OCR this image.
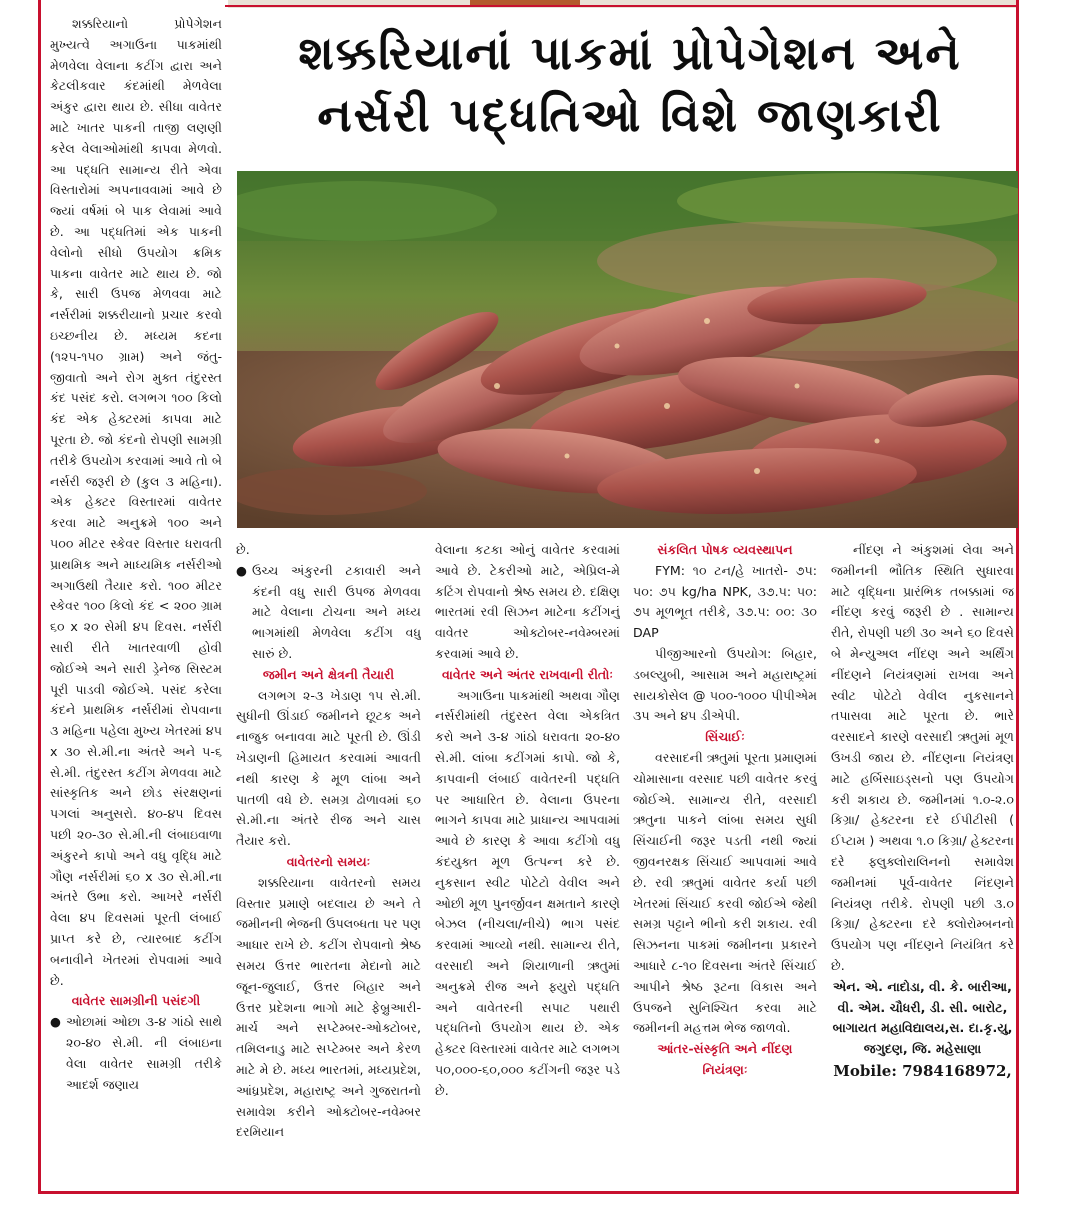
શક્કરિયાનાં પાકમાં પ્રોપેગેશન અને
નર્સરી પદ્ધતિઓ વિશે જાણકારી

શક્કરિયાનો પ્રોપેગેશન મુખ્યત્વે અગાઉના પાકમાંથી મેળવેલા વેલાના કટીંગ દ્વારા અને કેટલીકવાર કંદમાંથી મેળવેલા અંકુર દ્વારા થાય છે. સીધા વાવેતર માટે ખાતર પાકની તાજી લણણી કરેલ વેલાઓમાંથી કાપવા મેળવો. આ પદ્ધતિ સામાન્ય રીતે એવા વિસ્તારોમાં અપનાવવામાં આવે છે જ્યાં વર્ષમાં બે પાક લેવામાં આવે છે. આ પદ્ધતિમાં એક પાકની વેલોનો સીધો ઉપયોગ ક્રમિક પાકના વાવેતર માટે થાય છે. જો કે, સારી ઉપજ મેળવવા માટે નર્સરીમાં શક્કરીયાનો પ્રચાર કરવો ઇચ્છનીય છે. મધ્યમ કદના (૧૨૫-૧૫૦ ગ્રામ) અને જંતુ-જીવાતો અને રોગ મુક્ત તંદુરસ્ત કંદ પસંદ કરો. લગભગ ૧૦૦ કિલો કંદ એક હેક્ટરમાં કાપવા માટે પૂરતા છે. જો કંદનો રોપણી સામગ્રી તરીકે ઉપયોગ કરવામાં આવે તો બે નર્સરી જરૂરી છે (કુલ ૩ મહિના). એક હેક્ટર વિસ્તારમાં વાવેતર કરવા માટે અનુક્રમે ૧૦૦ અને ૫૦૦ મીટર સ્કેવર વિસ્તાર ધરાવતી પ્રાથમિક અને માધ્યમિક નર્સરીઓ અગાઉથી તૈયાર કરો. ૧૦૦ મીટર સ્કેવર ૧૦૦ કિલો કંદ < ૨૦૦ ગ્રામ ૬૦ x ૨૦ સેમી ૪૫ દિવસ. નર્સરી સારી રીતે ખાતરવાળી હોવી જોઈએ અને સારી ડ્રેનેજ સિસ્ટમ પૂરી પાડવી જોઈએ. પસંદ કરેલા કંદને પ્રાથમિક નર્સરીમાં રોપવાના ૩ મહિના પહેલા મુખ્ય ખેતરમાં ૪૫ x ૩૦ સે.મી.ના અંતરે અને ૫-૬ સે.મી. તંદુરસ્ત કટીંગ મેળવવા માટે સાંસ્કૃતિક અને છોડ સંરક્ષણનાં પગલાં અનુસરો. ૪૦-૪૫ દિવસ પછી ૨૦-૩૦ સે.મી.ની લંબાઇવાળા અંકુરને કાપો અને વધુ વૃદ્ધિ માટે ગૌણ નર્સરીમાં ૬૦ x ૩૦ સે.મી.ના અંતરે ઉભા કરો. આખરે નર્સરી વેલા ૪૫ દિવસમાં પૂરતી લંબાઈ પ્રાપ્ત કરે છે, ત્યારબાદ કટીંગ બનાવીને ખેતરમાં રોપવામાં આવે છે.

વાવેતર સામગ્રીની પસંદગી
● ઓછામાં ઓછા ૩-૪ ગાંઠો સાથે ૨૦-૪૦ સે.મી. ની લંબાઇના વેલા વાવેતર સામગ્રી તરીકે આદર્શ જણાય

છે.

● ઉચ્ચ અંકુરની ટકાવારી અને કંદની વધુ સારી ઉપજ મેળવવા માટે વેલાના ટોચના અને મધ્ય ભાગમાંથી મેળવેલા કટીંગ વધુ સારું છે.
જમીન અને ક્ષેત્રની તૈયારી

લગભગ ૨-૩ ખેડાણ ૧૫ સે.મી. સુધીની ઊંડાઈ જમીનને છૂટક અને નાજુક બનાવવા માટે પૂરતી છે. ઊંડી ખેડાણની હિમાયત કરવામાં આવતી નથી કારણ કે મૂળ લાંબા અને પાતળી વધે છે. સમગ્ર ઢોળાવમાં ૬૦ સે.મી.ના અંતરે રીજ અને ચાસ તૈયાર કરો.

વાવેતરનો સમયઃ

શક્કરિયાના વાવેતરનો સમય વિસ્તાર પ્રમાણે બદલાય છે અને તે જમીનની ભેજની ઉપલબ્ધતા પર પણ આધાર રાખે છે. કટીંગ રોપવાનો શ્રેષ્ઠ સમય ઉત્તર ભારતના મેદાનો માટે જૂન-જુલાઈ, ઉત્તર બિહાર અને ઉત્તર પ્રદેશના ભાગો માટે ફેબ્રુઆરી-માર્ચ અને સપ્ટેમ્બર-ઓક્ટોબર, તમિલનાડુ માટે સપ્ટેમ્બર અને કેરળ માટે મે છે. મધ્ય ભારતમાં, મધ્યપ્રદેશ, આંધ્રપ્રદેશ, મહારાષ્ટ્ર અને ગુજરાતનો સમાવેશ કરીને ઓક્ટોબર-નવેમ્બર દરમિયાન

વેલાના કટકા ઓનું વાવેતર કરવામાં આવે છે. ટેકરીઓ માટે, એપ્રિલ-મે કટિંગ રોપવાનો શ્રેષ્ઠ સમય છે. દક્ષિણ ભારતમાં રવી સિઝન માટેના કટીંગનું વાવેતર ઓક્ટોબર-નવેમ્બરમાં કરવામાં આવે છે.

વાવેતર અને અંતર રાખવાની રીતોઃ

અગાઉના પાકમાંથી અથવા ગૌણ નર્સરીમાંથી તંદુરસ્ત વેલા એકત્રિત કરો અને ૩-૪ ગાંઠો ધરાવતા ૨૦-૪૦ સે.મી. લાંબા કટીંગમાં કાપો. જો કે, કાપવાની લંબાઈ વાવેતરની પદ્ધતિ પર આધારિત છે. વેલાના ઉપરના ભાગને કાપવા માટે પ્રાધાન્ય આપવામાં આવે છે કારણ કે આવા કટીંગો વધુ કંદયુક્ત મૂળ ઉત્પન્ન કરે છે. નુકસાન સ્વીટ પોટેટો વેવીલ અને ઓછી મૂળ પુનર્જીવન ક્ષમતાને કારણે બેઝલ (નીચલા/નીચે) ભાગ પસંદ કરવામાં આવ્યો નથી. સામાન્ય રીતે, વરસાદી અને શિયાળાની ઋતુમાં અનુક્રમે રીજ અને ફ્યુરો પદ્ધતિ અને વાવેતરની સપાટ પથારી પદ્ધતિનો ઉપયોગ થાય છે. એક હેક્ટર વિસ્તારમાં વાવેતર માટે લગભગ ૫૦,૦૦૦-૬૦,૦૦૦ કટીંગની જરૂર પડે છે.

સંકલિત પોષક વ્યવસ્થાપન

FYM: ૧૦ ટન/હે ખાતરો- ૭૫: ૫૦: ૭૫ kg/ha NPK, ૩૭.૫: ૫૦: ૭૫ મૂળભૂત તરીકે, ૩૭.૫: ૦૦: ૩૦ DAP

પીજીઆરનો ઉપયોગ: બિહાર, ડબલ્યુબી, આસામ અને મહારાષ્ટ્રમાં સાયકોસેલ @ ૫૦૦-૧૦૦૦ પીપીએમ ૩૫ અને ૪૫ ડીએપી.

સિંચાઈઃ

વરસાદની ઋતુમાં પૂરતા પ્રમાણમાં ચોમાસાના વરસાદ પછી વાવેતર કરવું જોઈએ. સામાન્ય રીતે, વરસાદી ઋતુના પાકને લાંબા સમય સુધી સિંચાઈની જરૂર પડતી નથી જ્યાં જીવનરક્ષક સિંચાઈ આપવામાં આવે છે. રવી ઋતુમાં વાવેતર કર્યા પછી ખેતરમાં સિંચાઈ કરવી જોઈએ જેથી સમગ્ર પટ્ટાને ભીનો કરી શકાય. રવી સિઝનના પાકમાં જમીનના પ્રકારને આધારે ૮-૧૦ દિવસના અંતરે સિંચાઈ આપીને શ્રેષ્ઠ રૂટના વિકાસ અને ઉપજને સુનિશ્ચિત કરવા માટે જમીનની મહત્તમ ભેજ જાળવો.

આંતર-સંસ્કૃતિ અને નીંદણ નિયંત્રણઃ

નીંદણ ને અંકુશમાં લેવા અને જમીનની ભૌતિક સ્થિતિ સુધારવા માટે વૃદ્ધિના પ્રારંભિક તબક્કામાં જ નીંદણ કરવું જરૂરી છે . સામાન્ય રીતે, રોપણી પછી ૩૦ અને ૬૦ દિવસે બે મેન્યુઅલ નીંદણ અને અર્થિંગ નીંદણને નિયંત્રણમાં રાખવા અને સ્વીટ પોટેટો વેવીલ નુકસાનને તપાસવા માટે પૂરતા છે. ભારે વરસાદને કારણે વરસાદી ઋતુમાં મૂળ ઉખડી જાય છે. નીંદણના નિયંત્રણ માટે હર્બિસાઇડ્સનો પણ ઉપયોગ કરી શકાય છે. જમીનમાં ૧.૦-૨.૦ કિગ્રા/ હેક્ટરના દરે ઈપીટીસી ( ઈપ્ટામ ) અથવા ૧.૦ કિગ્રા/ હેક્ટરના દરે ફ્લુક્લોરાલિનનો સમાવેશ જમીનમાં પૂર્વ-વાવેતર નિંદણને નિયંત્રણ તરીકે. રોપણી પછી ૩.૦ કિગ્રા/ હેક્ટરના દરે ક્લોરોમ્બનનો ઉપયોગ પણ નીંદણને નિયંત્રિત કરે છે.

એન. એ. નાદોડા, વી. કે. બારીઆ, વી. એમ. ચૌધરી, ડી. સી. બારોટ,
બાગાયત મહાવિદ્યાલય,સ. દા.કૃ.યુ, જગુદણ, જિ. મહેસાણા
Mobile: 7984168972,
